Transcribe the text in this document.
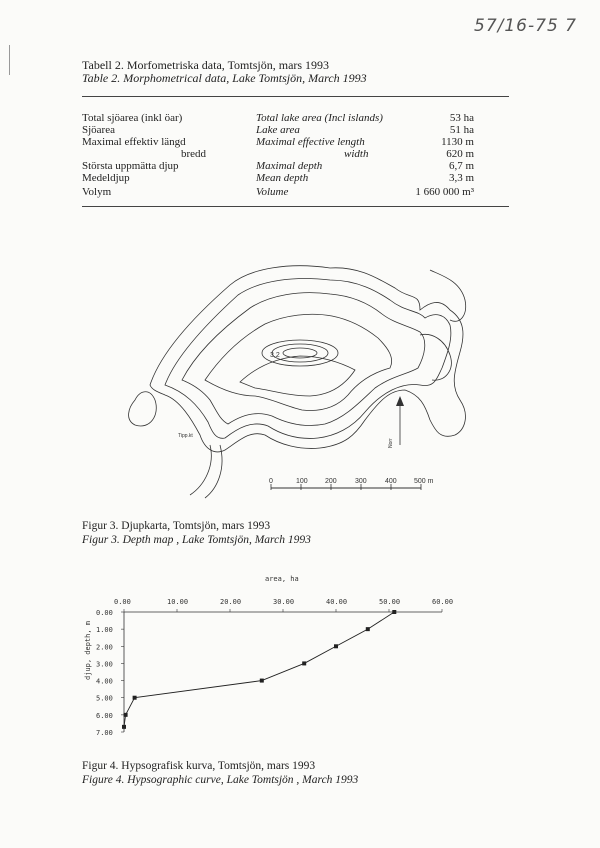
57/16-75 7
Tabell 2. Morfometriska data, Tomtsjön, mars 1993
Table 2. Morphometrical data, Lake Tomtsjön, March 1993
Total sjöarea (inkl öar)	Total lake area (Incl islands)	53 ha
Sjöarea	Lake area	51 ha
Maximal effektiv längd	Maximal effective length	1130 m
bredd	width	620 m
Största uppmätta djup	Maximal depth	6,7 m
Medeldjup	Mean depth	3,3 m
Volym	Volume	1 660 000 m³
3,2
Tipp.kt
Norr
0	100 200	300	400 500 m
Figur 3. Djupkarta, Tomtsjön, mars 1993
Figur 3. Depth map , Lake Tomtsjön, March 1993
area, ha
djup, depth, m
0.00	10.00	20.00	30.00	40.00	50.00	60.00
0.00
1.00
2.00
3.00
4.00
5.00
6.00
7.00
Figur 4. Hypsografisk kurva, Tomtsjön, mars 1993
Figure 4. Hypsographic curve, Lake Tomtsjön , March 1993
